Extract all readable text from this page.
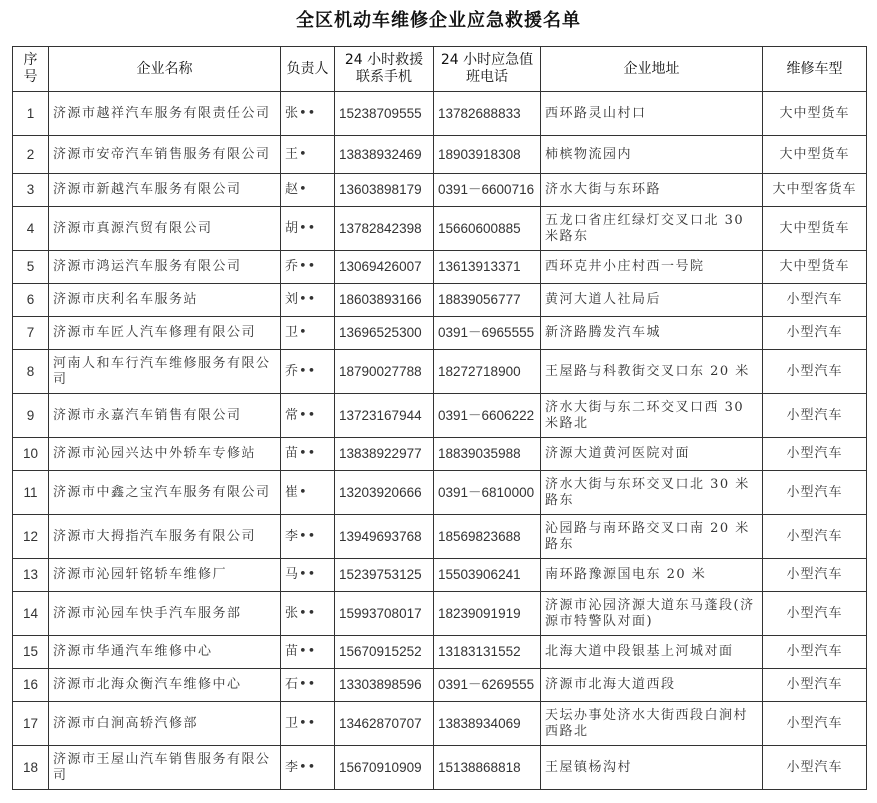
全区机动车维修企业应急救援名单
序号	企业名称	负责人	24 小时救援联系手机	24 小时应急值班电话	企业地址	维修车型
1	济源市越祥汽车服务有限责任公司	张••	15238709555	13782688833	西环路灵山村口	大中型货车
2	济源市安帝汽车销售服务有限公司	王•	13838932469	18903918308	柿槟物流园内	大中型货车
3	济源市新越汽车服务有限公司	赵•	13603898179	0391－6600716	济水大街与东环路	大中型客货车
4	济源市真源汽贸有限公司	胡••	13782842398	15660600885	五龙口省庄红绿灯交叉口北 30 米路东	大中型货车
5	济源市鸿运汽车服务有限公司	乔••	13069426007	13613913371	西环克井小庄村西一号院	大中型货车
6	济源市庆利名车服务站	刘••	18603893166	18839056777	黄河大道人社局后	小型汽车
7	济源市车匠人汽车修理有限公司	卫•	13696525300	0391－6965555	新济路腾发汽车城	小型汽车
8	河南人和车行汽车维修服务有限公司	乔••	18790027788	18272718900	王屋路与科教街交叉口东 20 米	小型汽车
9	济源市永嘉汽车销售有限公司	常••	13723167944	0391－6606222	济水大街与东二环交叉口西 30 米路北	小型汽车
10	济源市沁园兴达中外轿车专修站	苗••	13838922977	18839035988	济源大道黄河医院对面	小型汽车
11	济源市中鑫之宝汽车服务有限公司	崔•	13203920666	0391－6810000	济水大街与东环交叉口北 30 米路东	小型汽车
12	济源市大拇指汽车服务有限公司	李••	13949693768	18569823688	沁园路与南环路交叉口南 20 米路东	小型汽车
13	济源市沁园轩铭轿车维修厂	马••	15239753125	15503906241	南环路豫源国电东 20 米	小型汽车
14	济源市沁园车快手汽车服务部	张••	15993708017	18239091919	济源市沁园济源大道东马蓬段(济源市特警队对面)	小型汽车
15	济源市华通汽车维修中心	苗••	15670915252	13183131552	北海大道中段银基上河城对面	小型汽车
16	济源市北海众衡汽车维修中心	石••	13303898596	0391－6269555	济源市北海大道西段	小型汽车
17	济源市白涧高轿汽修部	卫••	13462870707	13838934069	天坛办事处济水大街西段白涧村西路北	小型汽车
18	济源市王屋山汽车销售服务有限公司	李••	15670910909	15138868818	王屋镇杨沟村	小型汽车
